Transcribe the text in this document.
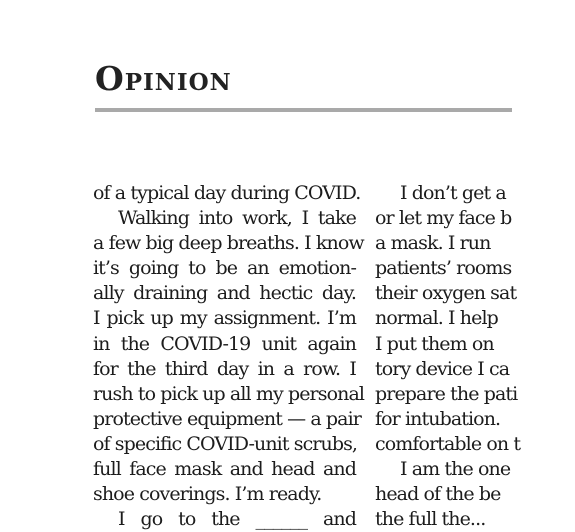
Opinion
of a typical day during COVID.
Walking into work, I take
a few big deep breaths. I know
it’s going to be an emotion-
ally draining and hectic day.
I pick up my assignment. I’m
in the COVID-19 unit again
for the third day in a row. I
rush to pick up all my personal
protective equipment — a pair
of specific COVID-unit scrubs,
full face mask and head and
shoe coverings. I’m ready.
I go to the ______ and
I don’t get a
or let my face b
a mask. I run
patients’ rooms
their oxygen sat
normal. I help
I put them on
tory device I ca
prepare the pati
for intubation.
comfortable on t
I am the one
head of the be
the full the...
